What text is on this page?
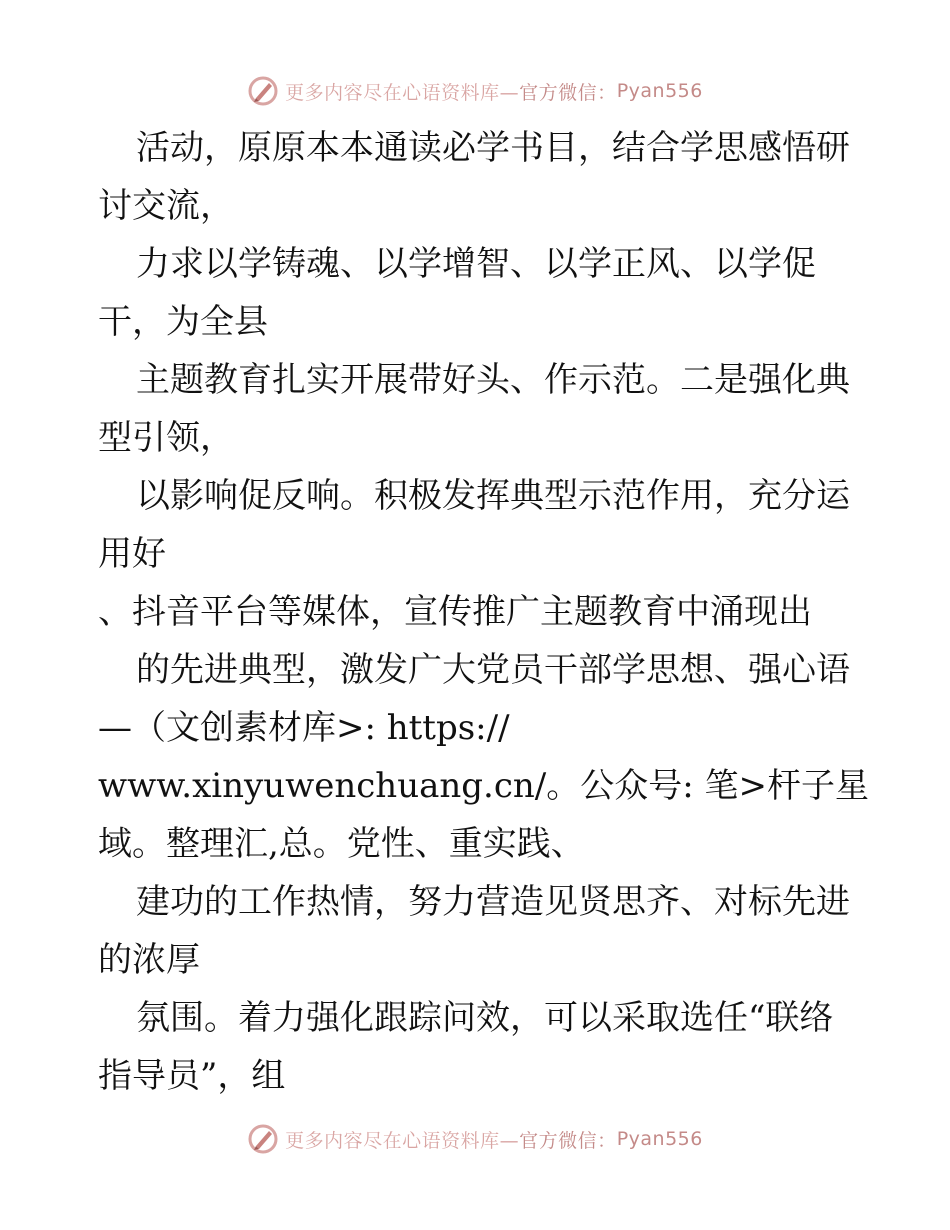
更多内容尽在心语资料库— 官方微信： Pyan556
活动，原原本本通读必学书目，结合学思感悟研
讨交流，
力求以学铸魂、以学增智、以学正风、以学促
干，为全县
主题教育扎实开展带好头、作示范。二是强化典
型引领，
以影响促反响。积极发挥典型示范作用，充分运
用好
、抖音平台等媒体，宣传推广主题教育中涌现出
的先进典型，激发广大党员干部学思想、强心语
—（文创素材库>: https://
www.xinyuwenchuang.cn/。公众号: 笔>杆子星
域。整理汇,总。党性、重实践、
建功的工作热情，努力营造见贤思齐、对标先进
的浓厚
氛围。着力强化跟踪问效，可以采取选任“联络
指导员”，组
更多内容尽在心语资料库— 官方微信： Pyan556
